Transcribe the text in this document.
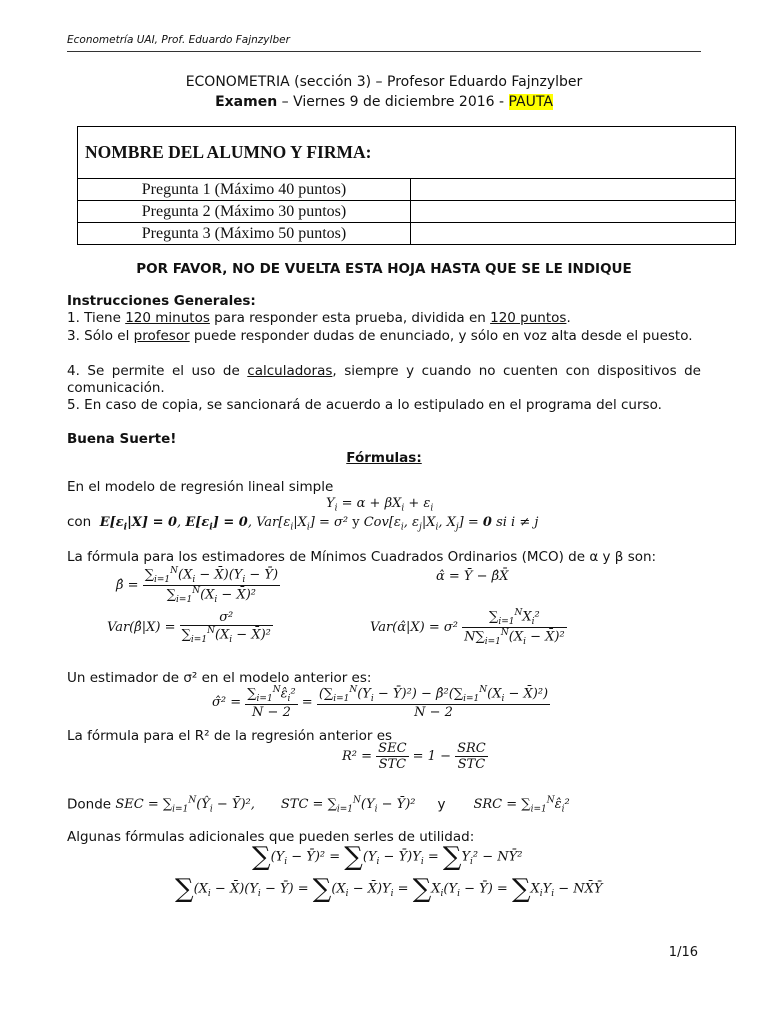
Econometría UAI, Prof. Eduardo Fajnzylber
ECONOMETRIA (sección 3) – Profesor Eduardo Fajnzylber
Examen – Viernes 9 de diciembre 2016 - PAUTA
NOMBRE DEL ALUMNO Y FIRMA:	
Pregunta 1 (Máximo 40 puntos)	
Pregunta 2 (Máximo 30 puntos)	
Pregunta 3 (Máximo 50 puntos)	
POR FAVOR, NO DE VUELTA ESTA HOJA HASTA QUE SE LE INDIQUE
Instrucciones Generales:
1. Tiene 120 minutos para responder esta prueba, dividida en 120 puntos.
3. Sólo el profesor puede responder dudas de enunciado, y sólo en voz alta desde el puesto.
4. Se permite el uso de calculadoras, siempre y cuando no cuenten con dispositivos de comunicación.
5. En caso de copia, se sancionará de acuerdo a lo estipulado en el programa del curso.
Buena Suerte!
Fórmulas:
En el modelo de regresión lineal simple
$Y_i = \alpha + \beta X_i + \varepsilon_i$
con $E[\varepsilon_i|X] = 0$, $E[\varepsilon_i] = 0$, $Var[\varepsilon_i|X_i] = \sigma^2$ y $Cov[\varepsilon_i$, $\varepsilon_j|X_i$, $X_j] = 0$ si i ≠ j
La fórmula para los estimadores de Mínimos Cuadrados Ordinarios (MCO) de α y β son:
β̂ = $\frac{\sum_{i=1}^N(X_i - X̄)(Y_i - Ȳ)}{\sum_{i=1}^N(X_i - X̄)^2}$	α̂ = Ȳ − β̂X̄
Var(β̂|X) = $\frac{\text{σ²}}{\sum_{i=1}^N(X_i - X̄)^2}$	Var(α̂|X) = $\sigma^2 \frac{\sum_{i=1}^NX_i^2}{N\sum_{i=1}^N(X_i - X̄)^2}$
Un estimador de σ² en el modelo anterior es:
σ̂² = $\frac{\sum_{i=1}^N\varepsilon̂_i^2}{N - 2} = \frac{(\sum_{i=1}^N(Y_i - Ȳ)^2) - \betâ^2(\sum_{i=1}^N(X_i - X̄)^2)}{N - 2}$
La fórmula para el R² de la regresión anterior es
$R^2 = \frac{\text{SEC}}{\text{STC}} = 1 - \frac{\text{SRC}}{\text{STC}}$
Donde SEC = $\sum_{i=1}^N(Ŷ_i$ − Ȳ)², STC = $\sum_{i=1}^N(Y_i$ − Ȳ)² y SRC = $\sum_{i=1}^N\varepsilon̂_i^2$
Algunas fórmulas adicionales que pueden serles de utilidad:
$\sum(Y_i$ − Ȳ)² = $\sum(Y_i$ − $Ȳ)Y_i = \sum Y_i^2$ − NȲ²
$\sum(X_i$ − $X̄)(Y_i$ − Ȳ) = $\sum(X_i$ − $X̄)Y_i = \sum X_i(Y_i$ − Ȳ) = $\sum X_iY_i$ − NX̄Ȳ
1/16
